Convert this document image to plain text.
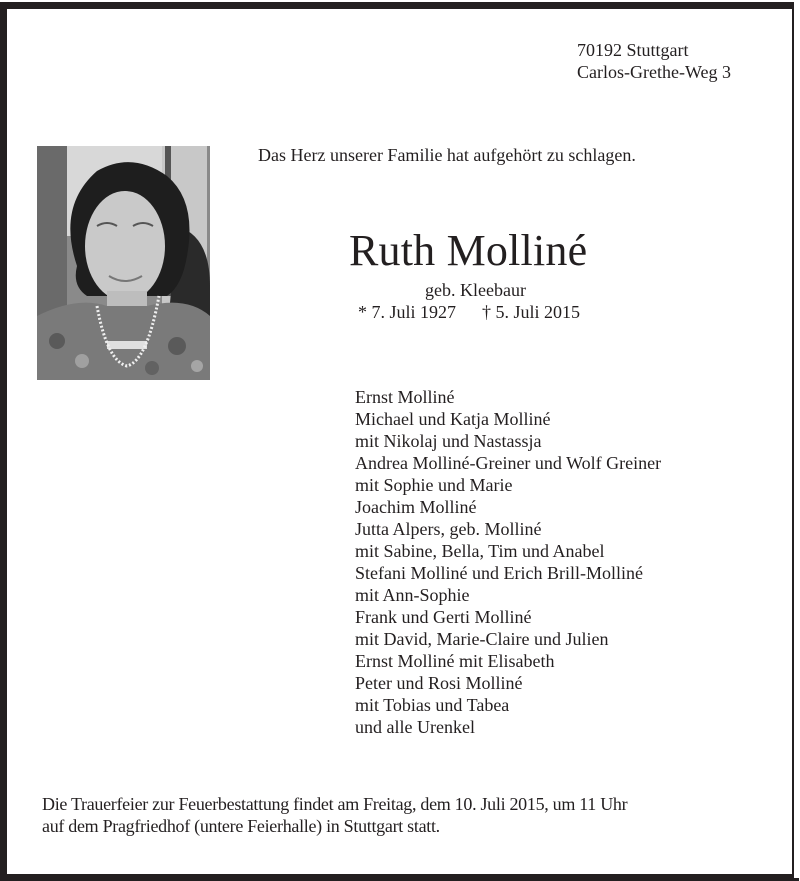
70192 Stuttgart
Carlos-Grethe-Weg 3
Das Herz unserer Familie hat aufgehört zu schlagen.
Ruth Molliné
geb. Kleebaur
* 7. Juli 1927 † 5. Juli 2015
Ernst Molliné
Michael und Katja Molliné
mit Nikolaj und Nastassja
Andrea Molliné-Greiner und Wolf Greiner
mit Sophie und Marie
Joachim Molliné
Jutta Alpers, geb. Molliné
mit Sabine, Bella, Tim und Anabel
Stefani Molliné und Erich Brill-Molliné
mit Ann-Sophie
Frank und Gerti Molliné
mit David, Marie-Claire und Julien
Ernst Molliné mit Elisabeth
Peter und Rosi Molliné
mit Tobias und Tabea
und alle Urenkel
Die Trauerfeier zur Feuerbestattung findet am Freitag, dem 10. Juli 2015, um 11 Uhr
auf dem Pragfriedhof (untere Feierhalle) in Stuttgart statt.
